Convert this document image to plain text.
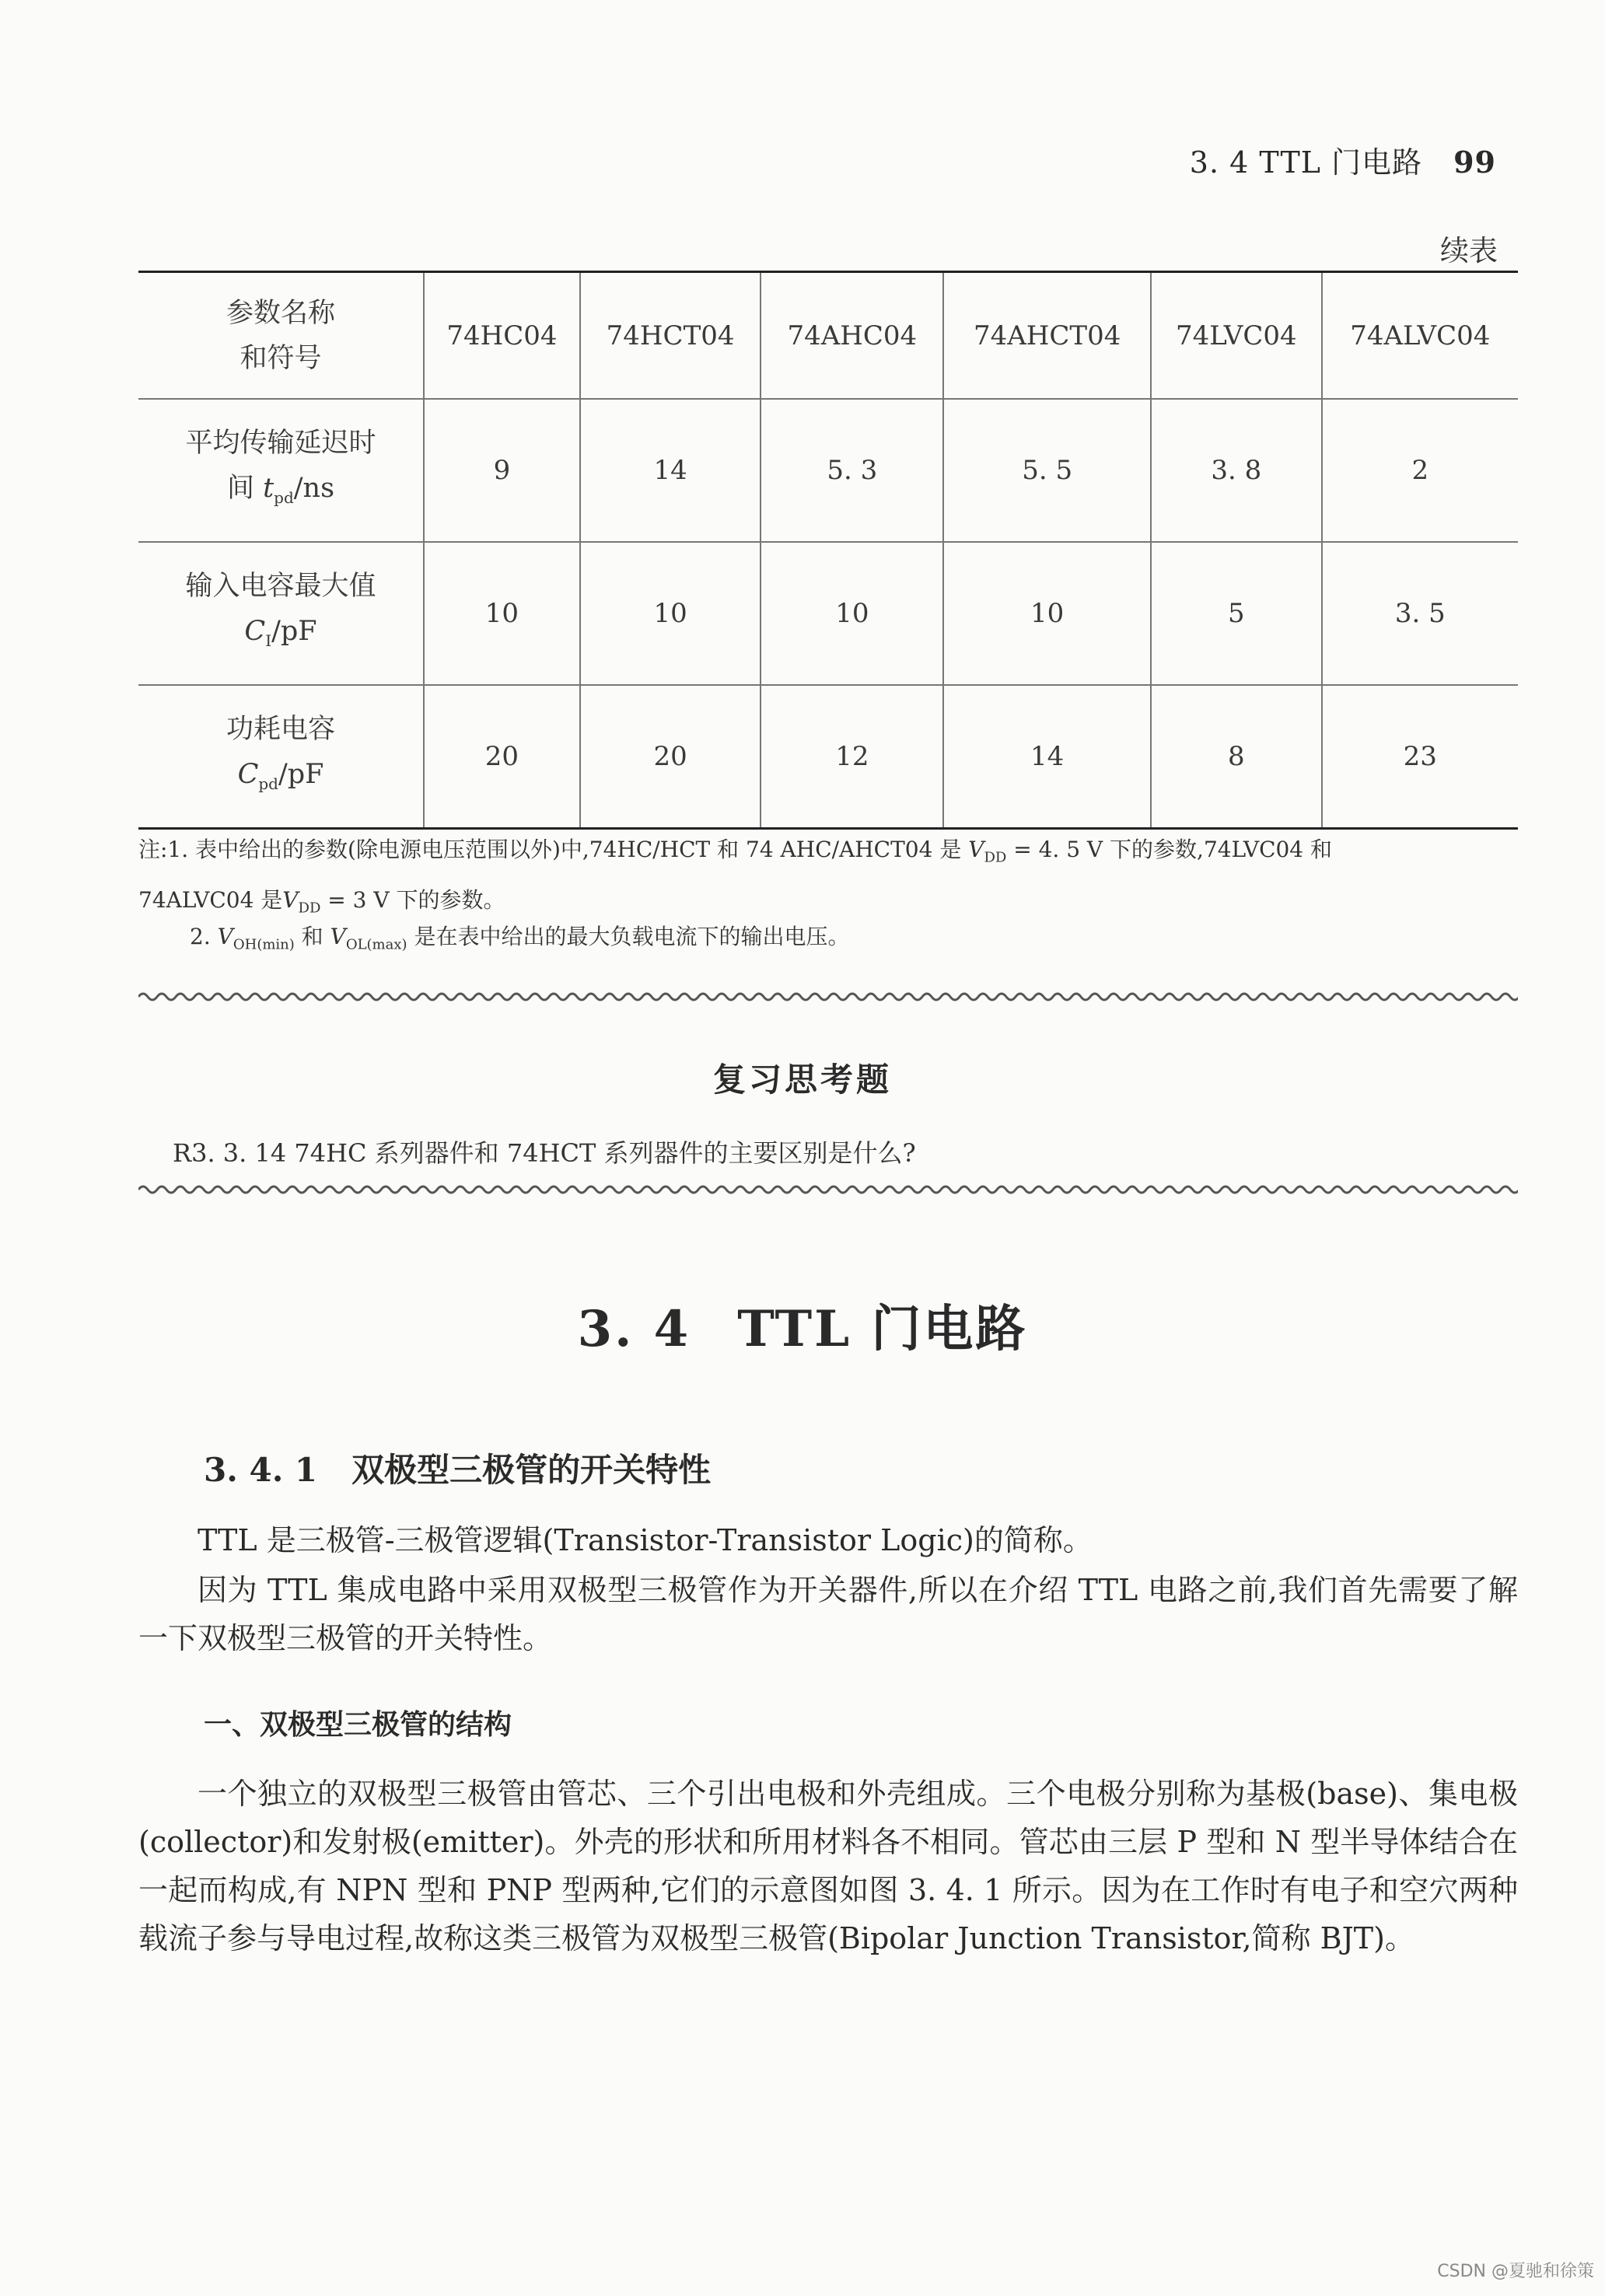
3. 4 TTL 门电路 99
续表
参数名称
和符号	74HC04	74HCT04	74AHC04	74AHCT04	74LVC04	74ALVC04

平均传输延迟时
间 $t_{pd}/ns$	9	14	5. 3	5. 5	3. 8	2

输入电容最大值
$C_I/pF$	10	10	10	10	5	3. 5

功耗电容
$C_{pd}/pF$	20	20	12	14	8	23
注:1. 表中给出的参数(除电源电压范围以外)中,74HC/HCT 和 74 AHC/AHCT04 是 $V_{DD} = 4$. 5 V 下的参数,74LVC04 和
74ALVC04 是$V_{DD} = 3$ V 下的参数。
2. $V_{OH(min)}$ 和 $V_{OL(max)}$ 是在表中给出的最大负载电流下的输出电压。
复习思考题
R3. 3. 14 74HC 系列器件和 74HCT 系列器件的主要区别是什么?
3. 4 TTL 门电路
3. 4. 1 双极型三极管的开关特性
TTL 是三极管-三极管逻辑(Transistor-Transistor Logic)的简称。
因为 TTL 集成电路中采用双极型三极管作为开关器件,所以在介绍 TTL 电路之前,我们首先需要了解一下双极型三极管的开关特性。
一、双极型三极管的结构
一个独立的双极型三极管由管芯、三个引出电极和外壳组成。三个电极分别称为基极(base)、集电极(collector)和发射极(emitter)。外壳的形状和所用材料各不相同。管芯由三层 P 型和 N 型半导体结合在一起而构成,有 NPN 型和 PNP 型两种,它们的示意图如图 3. 4. 1 所示。因为在工作时有电子和空穴两种载流子参与导电过程,故称这类三极管为双极型三极管(Bipolar Junction Transistor,简称 BJT)。
CSDN @夏驰和徐策
